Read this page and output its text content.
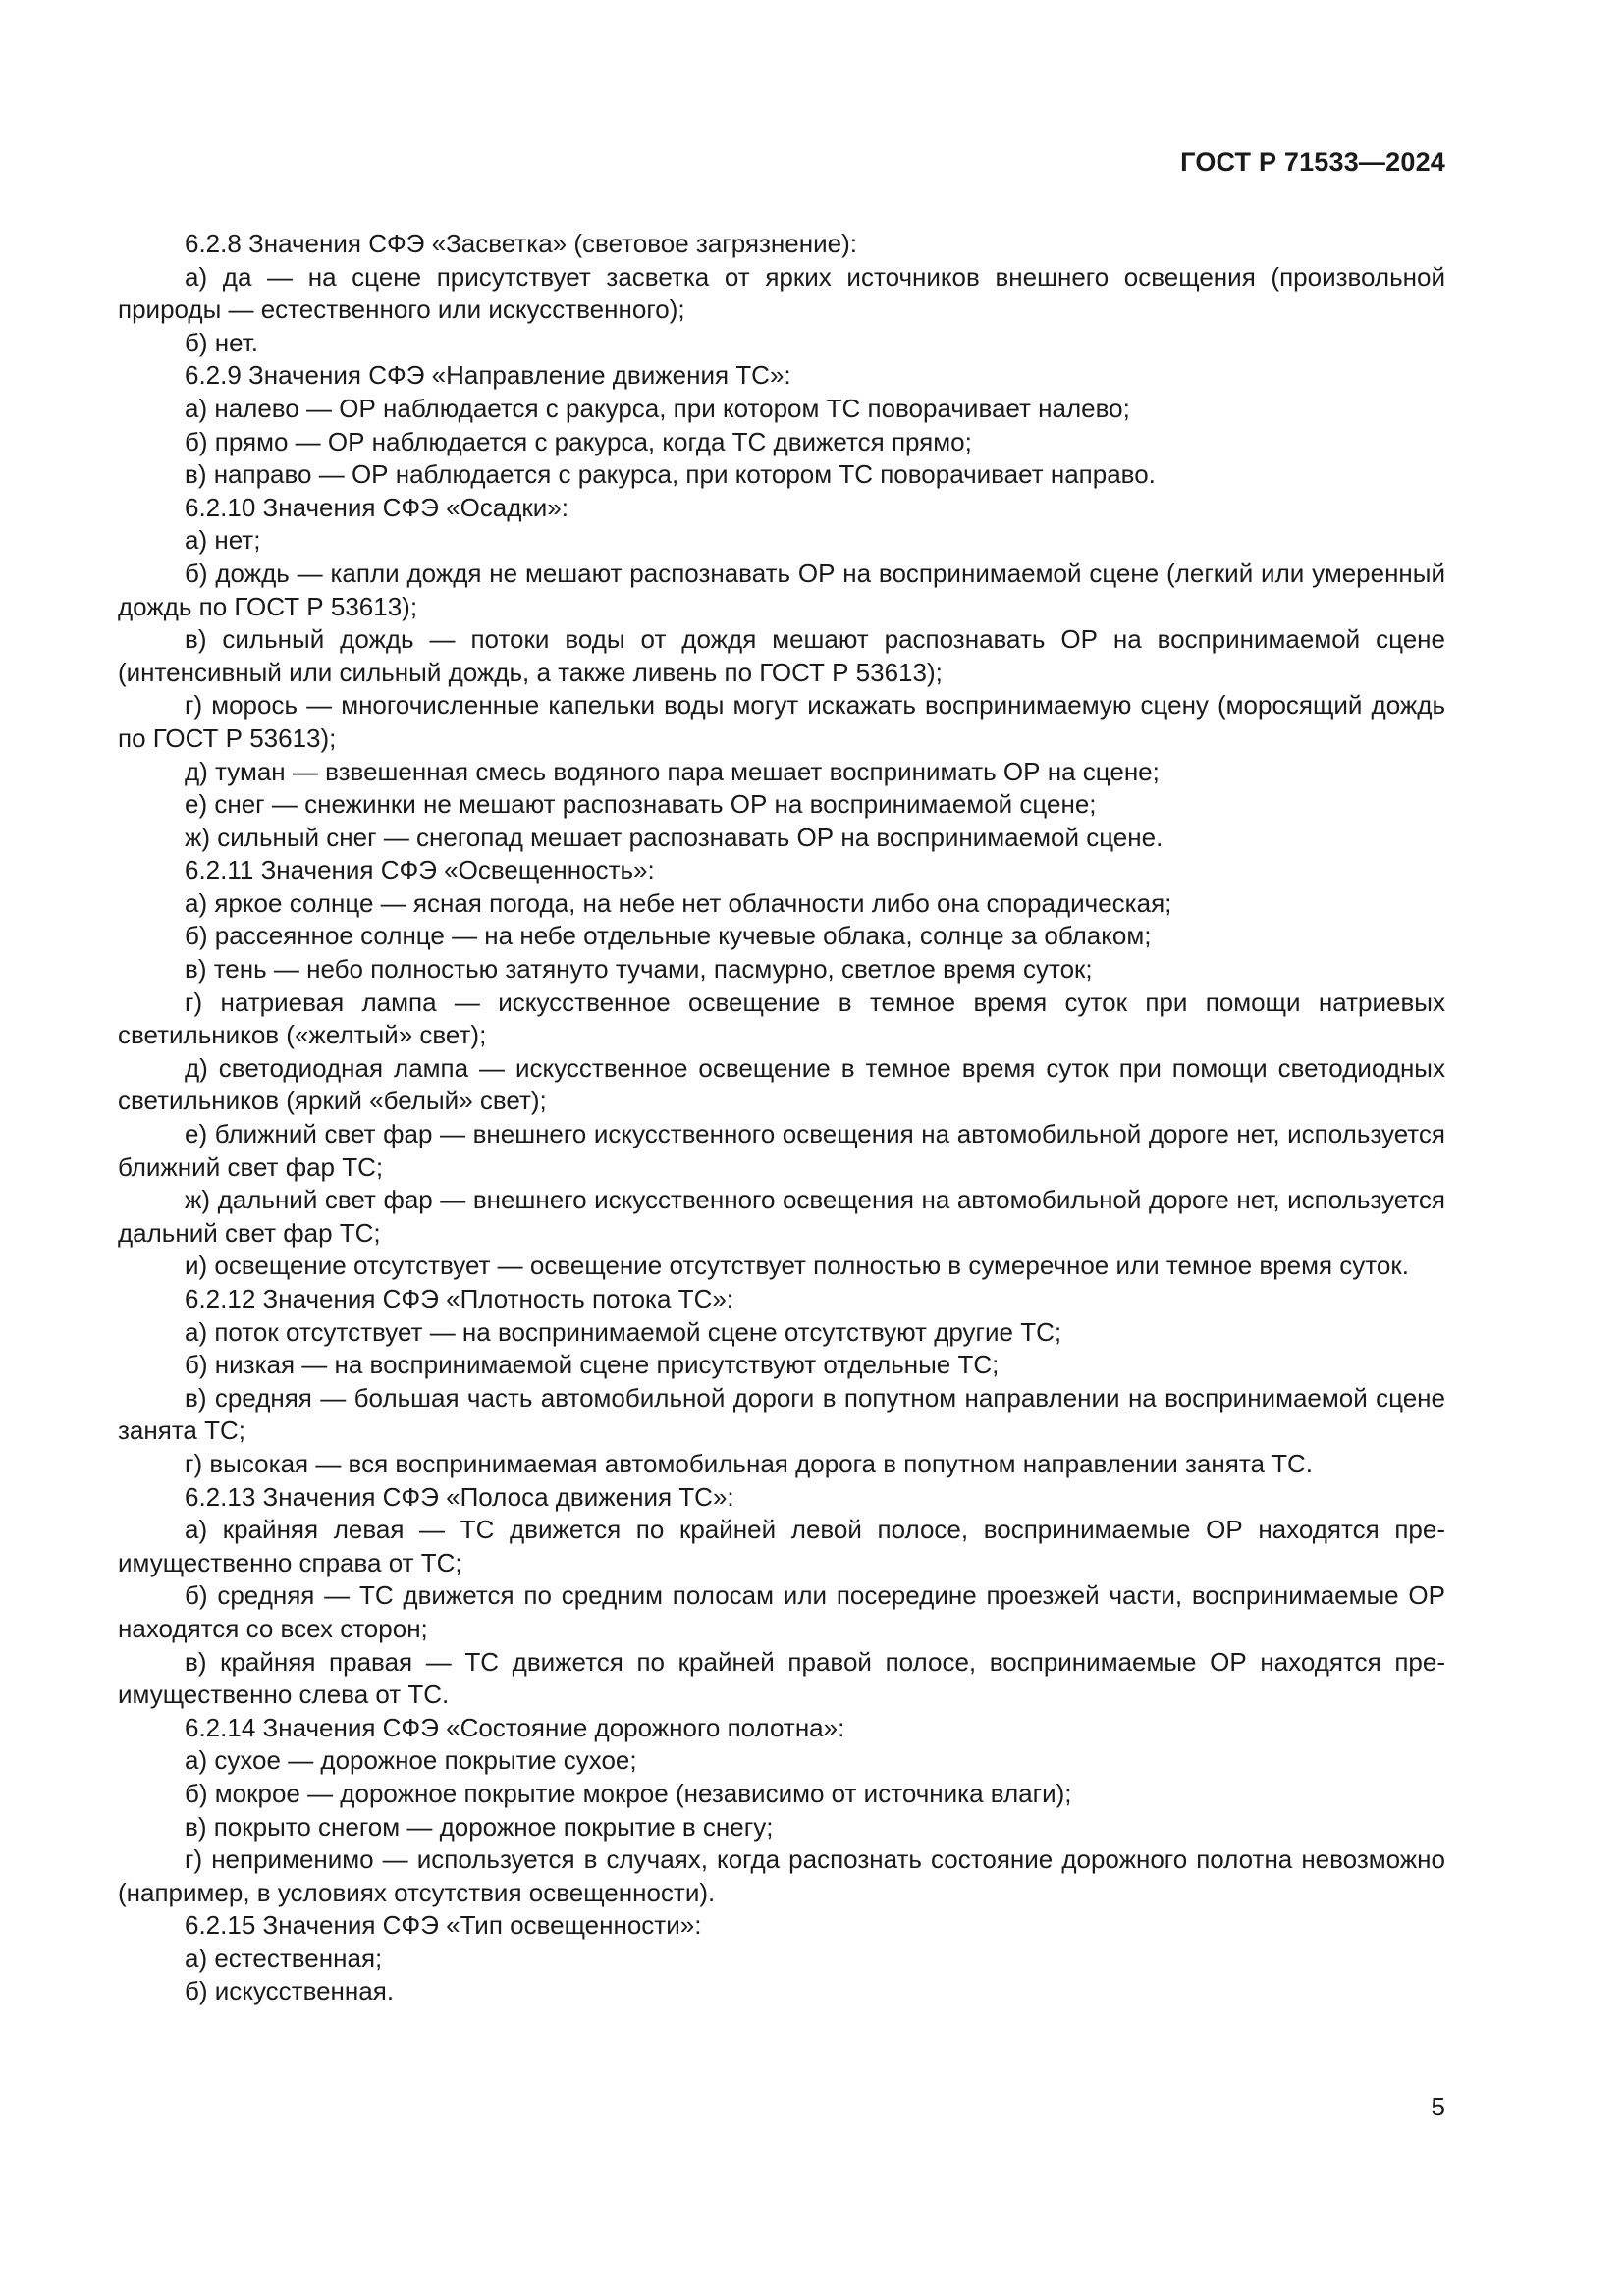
ГОСТ Р 71533—2024

6.2.8 Значения СФЭ «Засветка» (световое загрязнение):

а) да — на сцене присутствует засветка от ярких источников внешнего освещения (произвольной природы — естественного или искусственного);

б) нет.

6.2.9 Значения СФЭ «Направление движения ТС»:

а) налево — ОР наблюдается с ракурса, при котором ТС поворачивает налево;

б) прямо — ОР наблюдается с ракурса, когда ТС движется прямо;

в) направо — ОР наблюдается с ракурса, при котором ТС поворачивает направо.

6.2.10 Значения СФЭ «Осадки»:

а) нет;

б) дождь — капли дождя не мешают распознавать ОР на воспринимаемой сцене (легкий или умеренный дождь по ГОСТ Р 53613);

в) сильный дождь — потоки воды от дождя мешают распознавать ОР на воспринимаемой сцене (интенсивный или сильный дождь, а также ливень по ГОСТ Р 53613);

г) морось — многочисленные капельки воды могут искажать воспринимаемую сцену (моросящий дождь по ГОСТ Р 53613);

д) туман — взвешенная смесь водяного пара мешает воспринимать ОР на сцене;

е) снег — снежинки не мешают распознавать ОР на воспринимаемой сцене;

ж) сильный снег — снегопад мешает распознавать ОР на воспринимаемой сцене.

6.2.11 Значения СФЭ «Освещенность»:

а) яркое солнце — ясная погода, на небе нет облачности либо она спорадическая;

б) рассеянное солнце — на небе отдельные кучевые облака, солнце за облаком;

в) тень — небо полностью затянуто тучами, пасмурно, светлое время суток;

г) натриевая лампа — искусственное освещение в темное время суток при помощи натриевых светильников («желтый» свет);

д) светодиодная лампа — искусственное освещение в темное время суток при помощи светодиодных светильников (яркий «белый» свет);

е) ближний свет фар — внешнего искусственного освещения на автомобильной дороге нет, используется ближний свет фар ТС;

ж) дальний свет фар — внешнего искусственного освещения на автомобильной дороге нет, используется дальний свет фар ТС;

и) освещение отсутствует — освещение отсутствует полностью в сумеречное или темное время суток.

6.2.12 Значения СФЭ «Плотность потока ТС»:

а) поток отсутствует — на воспринимаемой сцене отсутствуют другие ТС;

б) низкая — на воспринимаемой сцене присутствуют отдельные ТС;

в) средняя — большая часть автомобильной дороги в попутном направлении на воспринимаемой сцене занята ТС;

г) высокая — вся воспринимаемая автомобильная дорога в попутном направлении занята ТС.

6.2.13 Значения СФЭ «Полоса движения ТС»:

а) крайняя левая — ТС движется по крайней левой полосе, воспринимаемые ОР находятся преимущественно справа от ТС;

б) средняя — ТС движется по средним полосам или посередине проезжей части, воспринимаемые ОР находятся со всех сторон;

в) крайняя правая — ТС движется по крайней правой полосе, воспринимаемые ОР находятся преимущественно слева от ТС.

6.2.14 Значения СФЭ «Состояние дорожного полотна»:

а) сухое — дорожное покрытие сухое;

б) мокрое — дорожное покрытие мокрое (независимо от источника влаги);

в) покрыто снегом — дорожное покрытие в снегу;

г) неприменимо — используется в случаях, когда распознать состояние дорожного полотна невозможно (например, в условиях отсутствия освещенности).

6.2.15 Значения СФЭ «Тип освещенности»:

а) естественная;

б) искусственная.

5
